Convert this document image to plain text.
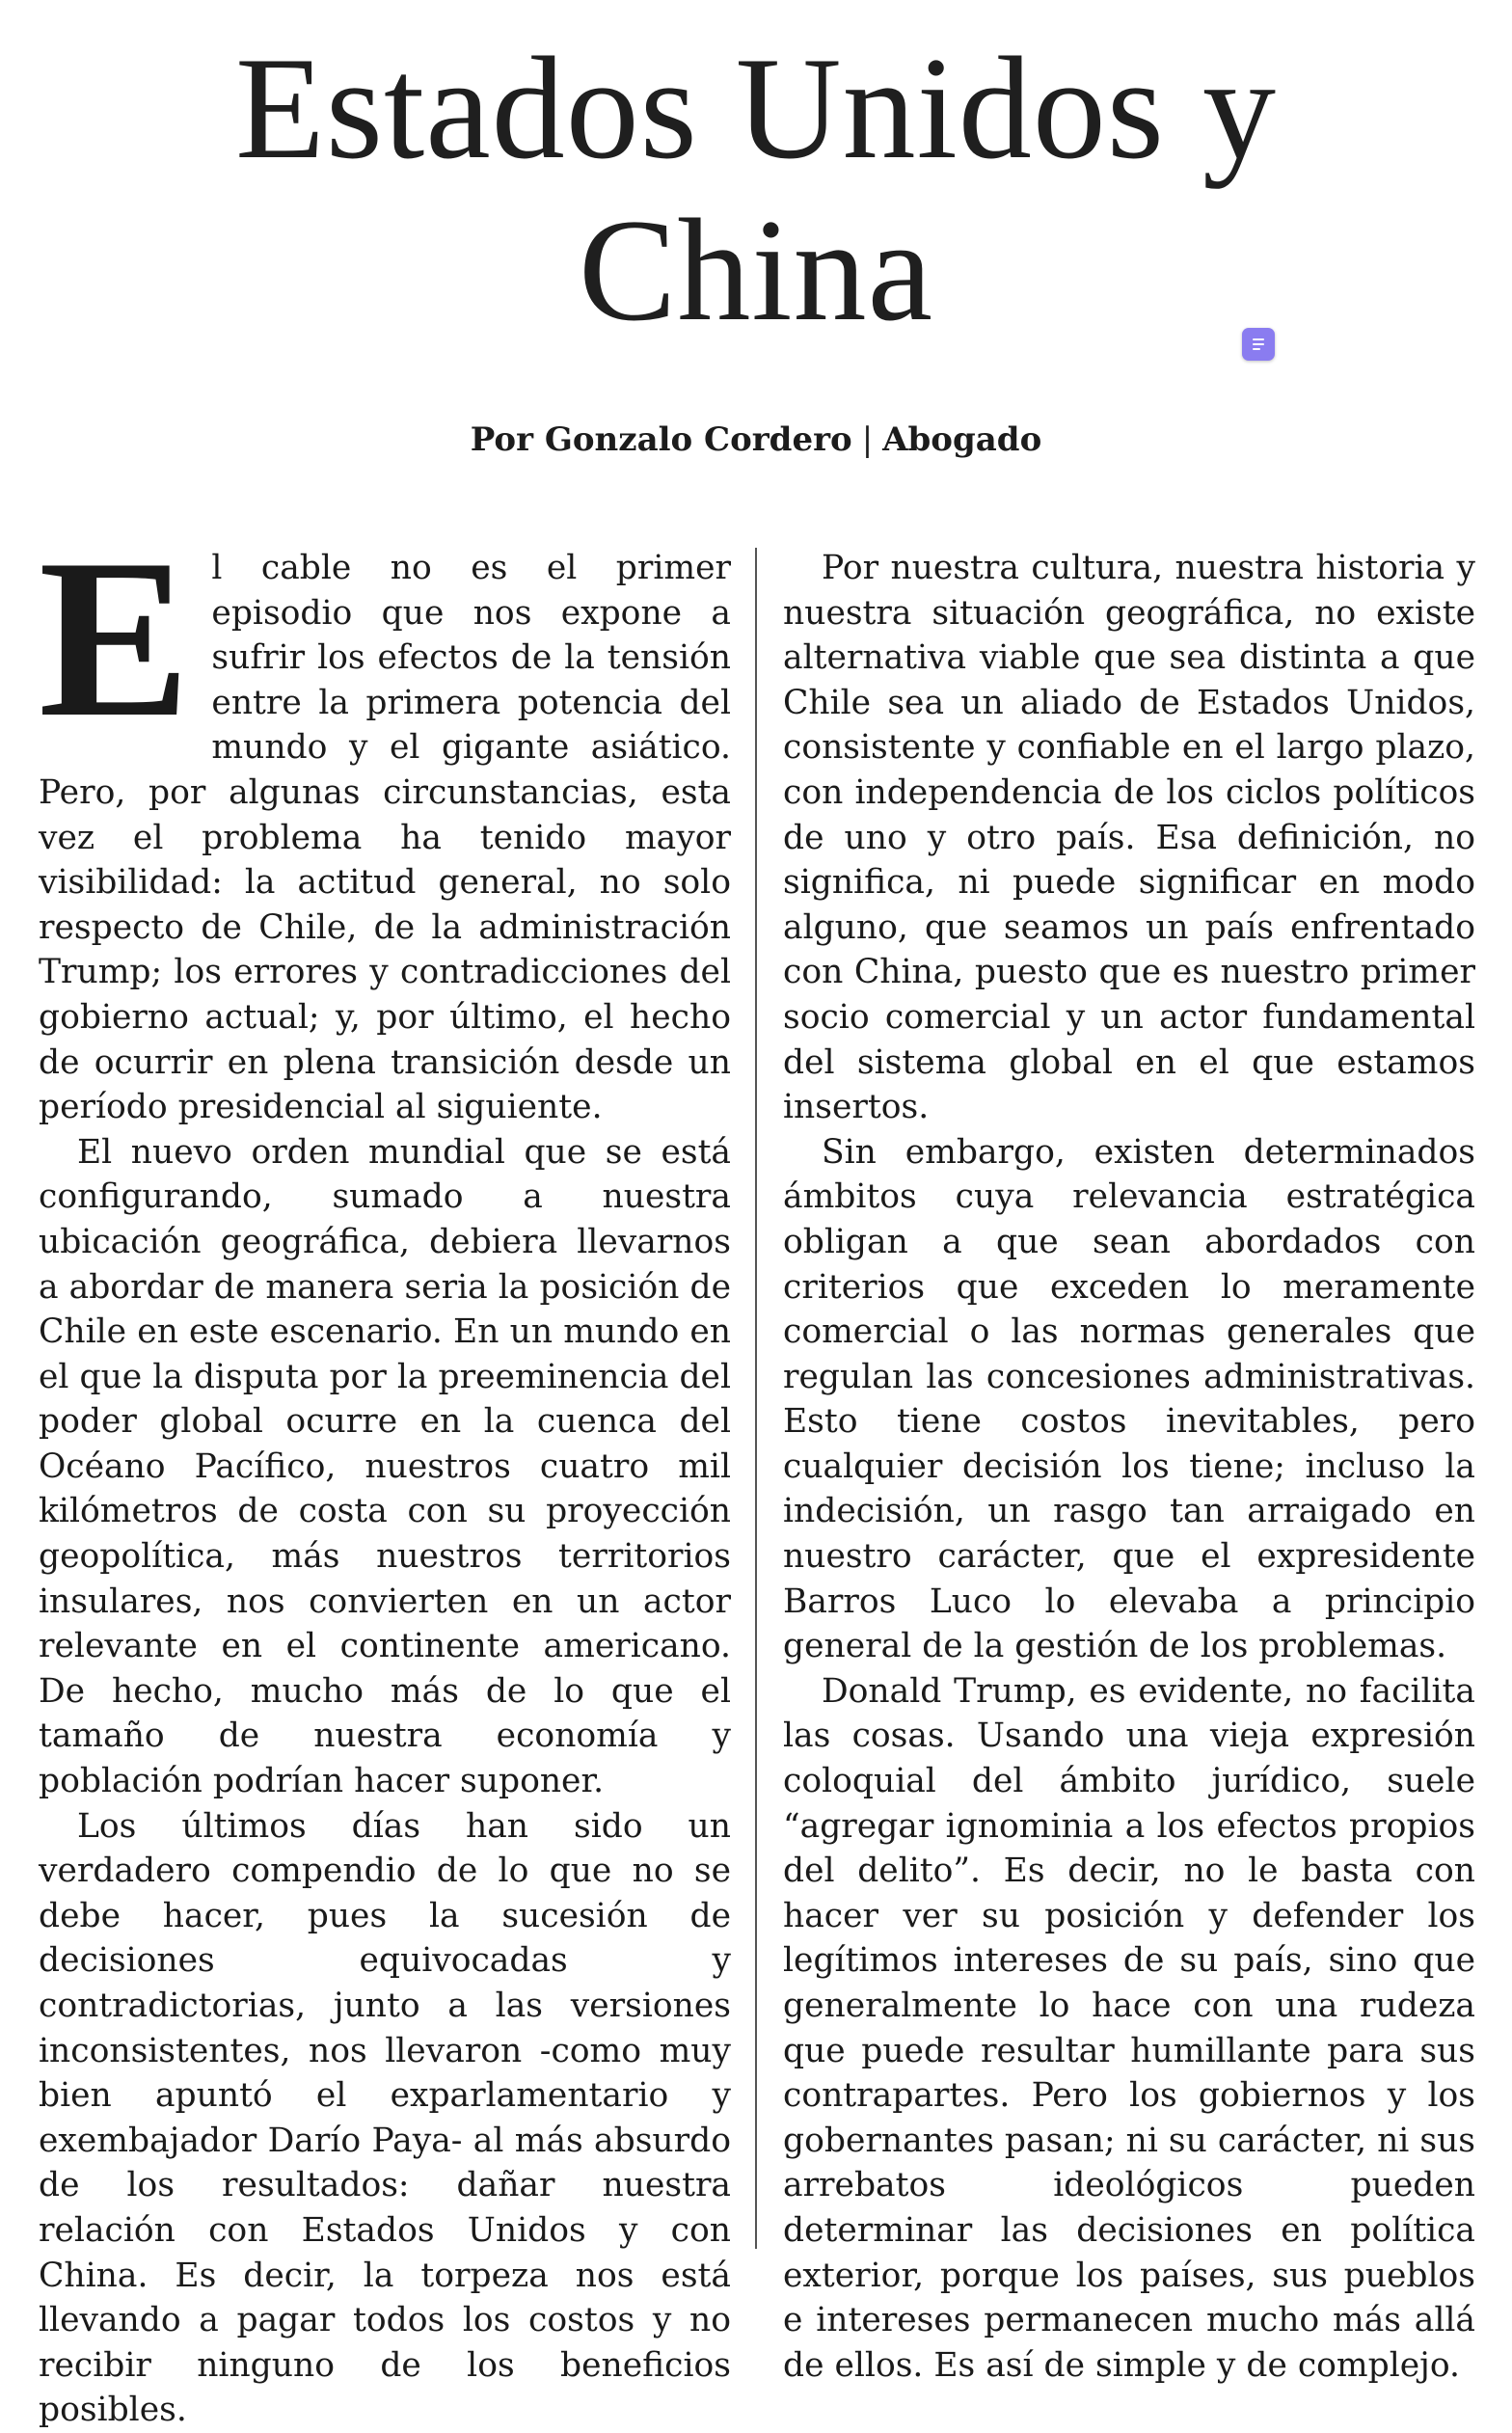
Estados Unidos y
China
Por Gonzalo Cordero | Abogado

El cable no es el primer episodio que nos expone a sufrir los efectos de la tensión entre la primera potencia del mundo y el gigante asiático. Pero, por algunas circunstancias, esta vez el problema ha tenido mayor visibilidad: la actitud general, no solo respecto de Chile, de la administración Trump; los errores y contradicciones del gobierno actual; y, por último, el hecho de ocurrir en plena transición desde un período presidencial al siguiente.

El nuevo orden mundial que se está configurando, sumado a nuestra ubicación geográfica, debiera llevarnos a abordar de manera seria la posición de Chile en este escenario. En un mundo en el que la disputa por la preeminencia del poder global ocurre en la cuenca del Océano Pacífico, nuestros cuatro mil kilómetros de costa con su proyección geopolítica, más nuestros territorios insulares, nos convierten en un actor relevante en el continente americano. De hecho, mucho más de lo que el tamaño de nuestra economía y población podrían hacer suponer.

Los últimos días han sido un verdadero compendio de lo que no se debe hacer, pues la sucesión de decisiones equivocadas y contradictorias, junto a las versiones inconsistentes, nos llevaron -como muy bien apuntó el exparlamentario y exembajador Darío Paya- al más absurdo de los resultados: dañar nuestra relación con Estados Unidos y con China. Es decir, la torpeza nos está llevando a pagar todos los costos y no recibir ninguno de los beneficios posibles.

Por nuestra cultura, nuestra historia y nuestra situación geográfica, no existe alternativa viable que sea distinta a que Chile sea un aliado de Estados Unidos, consistente y confiable en el largo plazo, con independencia de los ciclos políticos de uno y otro país. Esa definición, no significa, ni puede significar en modo alguno, que seamos un país enfrentado con China, puesto que es nuestro primer socio comercial y un actor fundamental del sistema global en el que estamos insertos.

Sin embargo, existen determinados ámbitos cuya relevancia estratégica obligan a que sean abordados con criterios que exceden lo meramente comercial o las normas generales que regulan las concesiones administrativas. Esto tiene costos inevitables, pero cualquier decisión los tiene; incluso la indecisión, un rasgo tan arraigado en nuestro carácter, que el expresidente Barros Luco lo elevaba a principio general de la gestión de los problemas.

Donald Trump, es evidente, no facilita las cosas. Usando una vieja expresión coloquial del ámbito jurídico, suele “agregar ignominia a los efectos propios del delito”. Es decir, no le basta con hacer ver su posición y defender los legítimos intereses de su país, sino que generalmente lo hace con una rudeza que puede resultar humillante para sus contrapartes. Pero los gobiernos y los gobernantes pasan; ni su carácter, ni sus arrebatos ideológicos pueden determinar las decisiones en política exterior, porque los países, sus pueblos e intereses permanecen mucho más allá de ellos. Es así de simple y de complejo.
